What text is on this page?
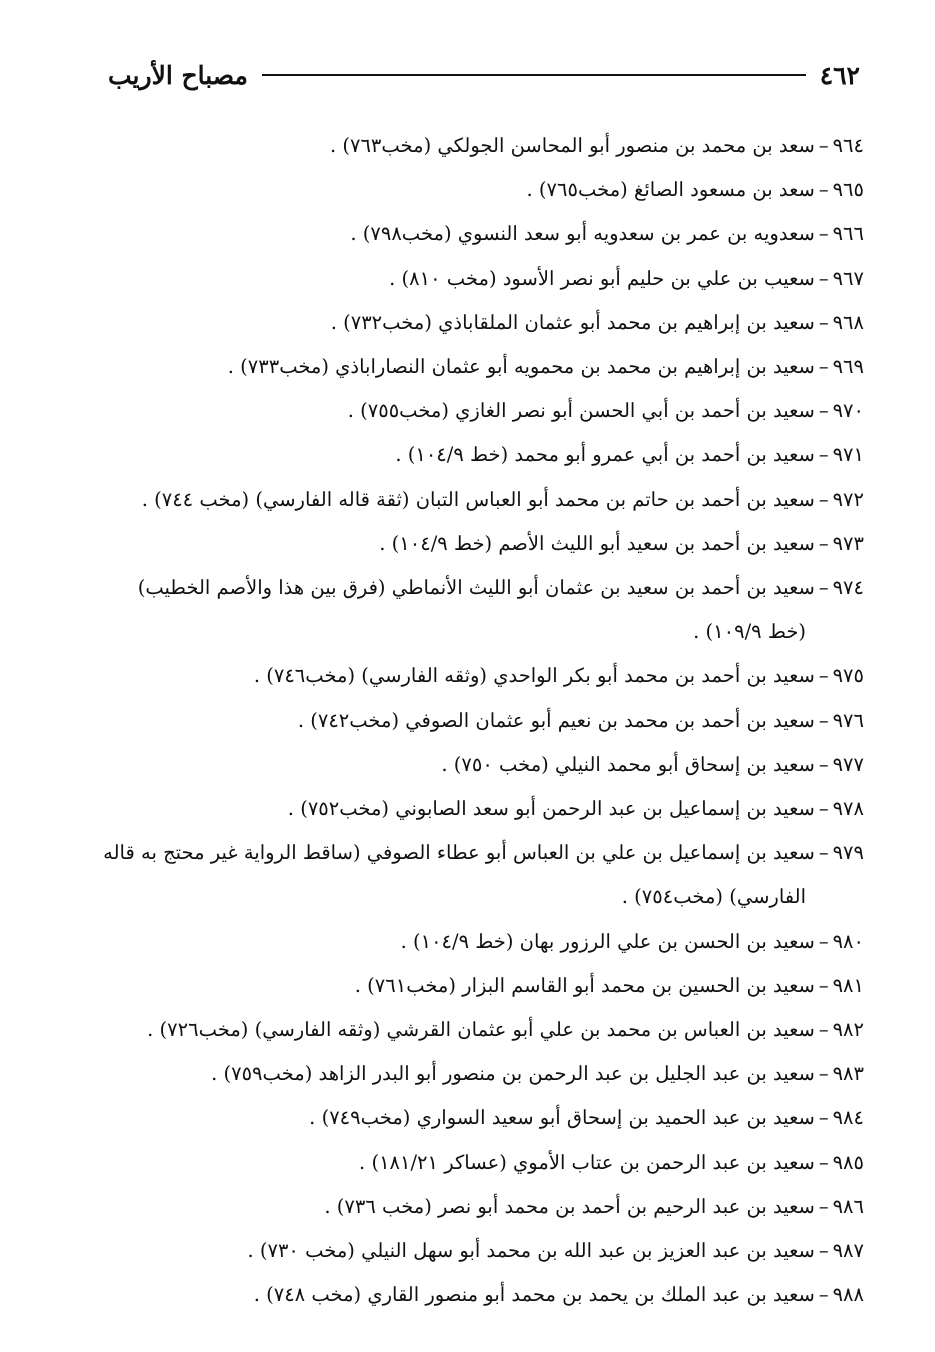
٤٦٢
مصباح الأريب
٩٦٤–سعد بن محمد بن منصور أبو المحاسن الجولكي (مخب٧٦٣) .
٩٦٥–سعد بن مسعود الصائغ (مخب٧٦٥) .
٩٦٦–سعدويه بن عمر بن سعدويه أبو سعد النسوي (مخب٧٩٨) .
٩٦٧–سعيب بن علي بن حليم أبو نصر الأسود (مخب ٨١٠) .
٩٦٨–سعيد بن إبراهيم بن محمد أبو عثمان الملقاباذي (مخب٧٣٢) .
٩٦٩–سعيد بن إبراهيم بن محمد بن محمويه أبو عثمان النصاراباذي (مخب٧٣٣) .
٩٧٠–سعيد بن أحمد بن أبي الحسن أبو نصر الغازي (مخب٧٥٥) .
٩٧١–سعيد بن أحمد بن أبي عمرو أبو محمد (خط ١٠٤/٩) .
٩٧٢–سعيد بن أحمد بن حاتم بن محمد أبو العباس التبان (ثقة قاله الفارسي) (مخب ٧٤٤) .
٩٧٣–سعيد بن أحمد بن سعيد أبو الليث الأصم (خط ١٠٤/٩) .
٩٧٤–سعيد بن أحمد بن سعيد بن عثمان أبو الليث الأنماطي (فرق بين هذا والأصم الخطيب) (خط ١٠٩/٩) .
٩٧٥–سعيد بن أحمد بن محمد أبو بكر الواحدي (وثقه الفارسي) (مخب٧٤٦) .
٩٧٦–سعيد بن أحمد بن محمد بن نعيم أبو عثمان الصوفي (مخب٧٤٢) .
٩٧٧–سعيد بن إسحاق أبو محمد النيلي (مخب ٧٥٠) .
٩٧٨–سعيد بن إسماعيل بن عبد الرحمن أبو سعد الصابوني (مخب٧٥٢) .
٩٧٩–سعيد بن إسماعيل بن علي بن العباس أبو عطاء الصوفي (ساقط الرواية غير محتج به قاله الفارسي) (مخب٧٥٤) .
٩٨٠–سعيد بن الحسن بن علي الرزور بهان (خط ١٠٤/٩) .
٩٨١–سعيد بن الحسين بن محمد أبو القاسم البزار (مخب٧٦١) .
٩٨٢–سعيد بن العباس بن محمد بن علي أبو عثمان القرشي (وثقه الفارسي) (مخب٧٢٦) .
٩٨٣–سعيد بن عبد الجليل بن عبد الرحمن بن منصور أبو البدر الزاهد (مخب٧٥٩) .
٩٨٤–سعيد بن عبد الحميد بن إسحاق أبو سعيد السواري (مخب٧٤٩) .
٩٨٥–سعيد بن عبد الرحمن بن عتاب الأموي (عساكر ١٨١/٢١) .
٩٨٦–سعيد بن عبد الرحيم بن أحمد بن محمد أبو نصر (مخب ٧٣٦) .
٩٨٧–سعيد بن عبد العزيز بن عبد الله بن محمد أبو سهل النيلي (مخب ٧٣٠) .
٩٨٨–سعيد بن عبد الملك بن يحمد بن محمد أبو منصور القاري (مخب ٧٤٨) .
